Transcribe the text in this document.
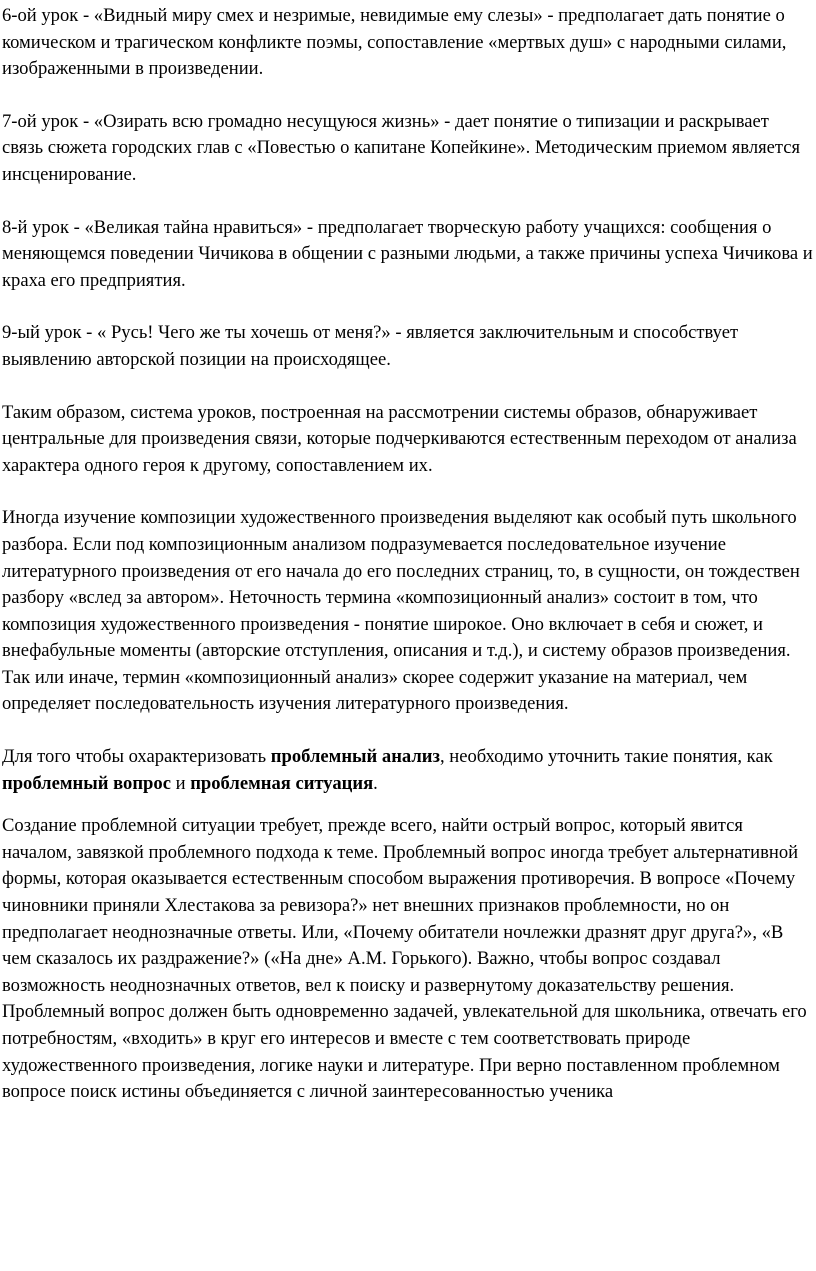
6-ой урок - «Видный миру смех и незримые, невидимые ему слезы» - предполагает дать понятие о комическом и трагическом конфликте поэмы, сопоставление «мертвых душ» с народными силами, изображенными в произведении.

7-ой урок - «Озирать всю громадно несущуюся жизнь» - дает понятие о типизации и раскрывает связь сюжета городских глав с «Повестью о капитане Копейкине». Методическим приемом является инсценирование.

8-й урок - «Великая тайна нравиться» - предполагает творческую работу учащихся: сообщения о меняющемся поведении Чичикова в общении с разными людьми, а также причины успеха Чичикова и краха его предприятия.

9-ый урок - « Русь! Чего же ты хочешь от меня?» - является заключительным и способствует выявлению авторской позиции на происходящее.

Таким образом, система уроков, построенная на рассмотрении системы образов, обнаруживает центральные для произведения связи, которые подчеркиваются естественным переходом от анализа характера одного героя к другому, сопоставлением их.

Иногда изучение композиции художественного произведения выделяют как особый путь школьного разбора. Если под композиционным анализом подразумевается последовательное изучение литературного произведения от его начала до его последних страниц, то, в сущности, он тождествен разбору «вслед за автором». Неточность термина «композиционный анализ» состоит в том, что композиция художественного произведения - понятие широкое. Оно включает в себя и сюжет, и внефабульные моменты (авторские отступления, описания и т.д.), и систему образов произведения. Так или иначе, термин «композиционный анализ» скорее содержит указание на материал, чем определяет последовательность изучения литературного произведения.

Для того чтобы охарактеризовать проблемный анализ, необходимо уточнить такие понятия, как проблемный вопрос и проблемная ситуация.

Создание проблемной ситуации требует, прежде всего, найти острый вопрос, который явится началом, завязкой проблемного подхода к теме. Проблемный вопрос иногда требует альтернативной формы, которая оказывается естественным способом выражения противоречия. В вопросе «Почему чиновники приняли Хлестакова за ревизора?» нет внешних признаков проблемности, но он предполагает неоднозначные ответы. Или, «Почему обитатели ночлежки дразнят друг друга?», «В чем сказалось их раздражение?» («На дне» А.М. Горького). Важно, чтобы вопрос создавал возможность неоднозначных ответов, вел к поиску и развернутому доказательству решения. Проблемный вопрос должен быть одновременно задачей, увлекательной для школьника, отвечать его потребностям, «входить» в круг его интересов и вместе с тем соответствовать природе художественного произведения, логике науки и литературе. При верно поставленном проблемном вопросе поиск истины объединяется с личной заинтересованностью ученика
